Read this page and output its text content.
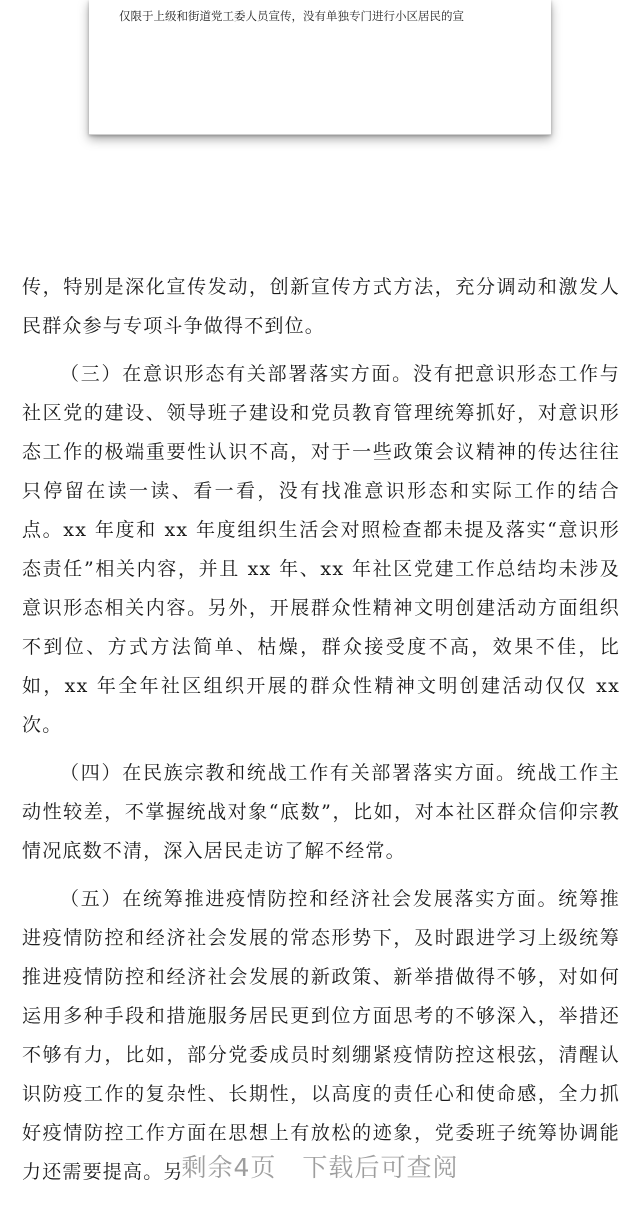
仅限于上级和街道党工委人员宣传，没有单独专门进行小区居民的宣

传，特别是深化宣传发动，创新宣传方式方法，充分调动和激发人民群众参与专项斗争做得不到位。

（三）在意识形态有关部署落实方面。没有把意识形态工作与社区党的建设、领导班子建设和党员教育管理统筹抓好，对意识形态工作的极端重要性认识不高，对于一些政策会议精神的传达往往只停留在读一读、看一看，没有找准意识形态和实际工作的结合点。xx 年度和 xx 年度组织生活会对照检查都未提及落实“意识形态责任”相关内容，并且 xx 年、xx 年社区党建工作总结均未涉及意识形态相关内容。另外，开展群众性精神文明创建活动方面组织不到位、方式方法简单、枯燥，群众接受度不高，效果不佳，比如，xx 年全年社区组织开展的群众性精神文明创建活动仅仅 xx 次。

（四）在民族宗教和统战工作有关部署落实方面。统战工作主动性较差，不掌握统战对象“底数”，比如，对本社区群众信仰宗教情况底数不清，深入居民走访了解不经常。

（五）在统筹推进疫情防控和经济社会发展落实方面。统筹推进疫情防控和经济社会发展的常态形势下，及时跟进学习上级统筹推进疫情防控和经济社会发展的新政策、新举措做得不够，对如何运用多种手段和措施服务居民更到位方面思考的不够深入，举措还不够有力，比如，部分党委成员时刻绷紧疫情防控这根弦，清醒认识防疫工作的复杂性、长期性，以高度的责任心和使命感，全力抓好疫情防控工作方面在思想上有放松的迹象，党委班子统筹协调能力还需要提高。另

剩余4页　下载后可查阅
